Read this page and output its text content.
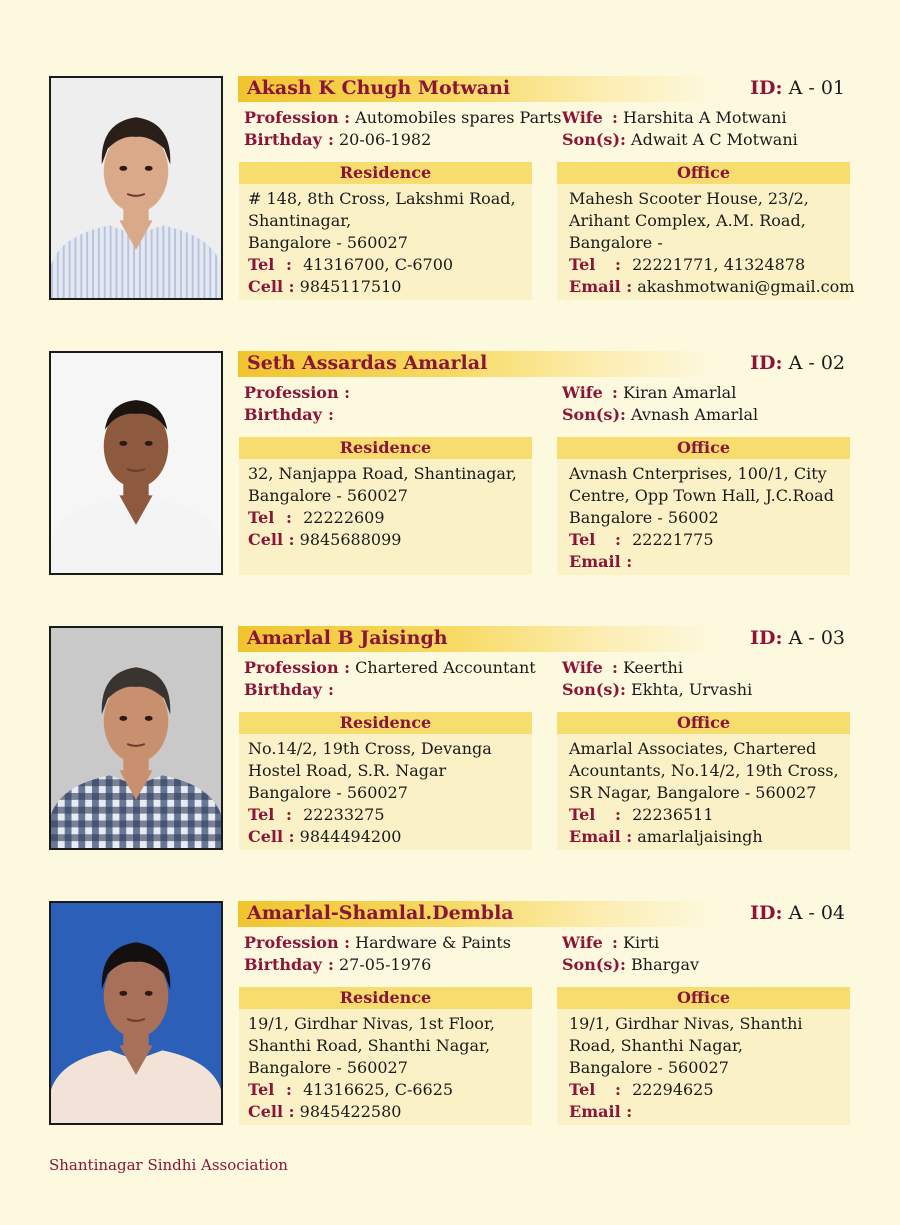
Akash K Chugh Motwani	ID: A - 01
Profession : Automobiles spares Parts
Birthday : 20-06-1982
Wife : Harshita A Motwani
Son(s): Adwait A C Motwani
Residence
# 148, 8th Cross, Lakshmi Road,
Shantinagar,
Bangalore - 560027
Tel : 41316700, C-6700
Cell : 9845117510
Office
Mahesh Scooter House, 23/2,
Arihant Complex, A.M. Road,
Bangalore -
Tel : 22221771, 41324878
Email : akashmotwani@gmail.com
Seth Assardas Amarlal	ID: A - 02
Profession :
Birthday :
Wife : Kiran Amarlal
Son(s): Avnash Amarlal
Residence
32, Nanjappa Road, Shantinagar,
Bangalore - 560027
Tel : 22222609
Cell : 9845688099
Office
Avnash Cnterprises, 100/1, City
Centre, Opp Town Hall, J.C.Road
Bangalore - 56002
Tel : 22221775
Email :
Amarlal B Jaisingh	ID: A - 03
Profession : Chartered Accountant
Birthday :
Wife : Keerthi
Son(s): Ekhta, Urvashi
Residence
No.14/2, 19th Cross, Devanga
Hostel Road, S.R. Nagar
Bangalore - 560027
Tel : 22233275
Cell : 9844494200
Office
Amarlal Associates, Chartered
Acountants, No.14/2, 19th Cross,
SR Nagar, Bangalore - 560027
Tel : 22236511
Email : amarlaljaisingh
Amarlal-Shamlal.Dembla	ID: A - 04
Profession : Hardware & Paints
Birthday : 27-05-1976
Wife : Kirti
Son(s): Bhargav
Residence
19/1, Girdhar Nivas, 1st Floor,
Shanthi Road, Shanthi Nagar,
Bangalore - 560027
Tel : 41316625, C-6625
Cell : 9845422580
Office
19/1, Girdhar Nivas, Shanthi
Road, Shanthi Nagar,
Bangalore - 560027
Tel : 22294625
Email :
Shantinagar Sindhi Association
